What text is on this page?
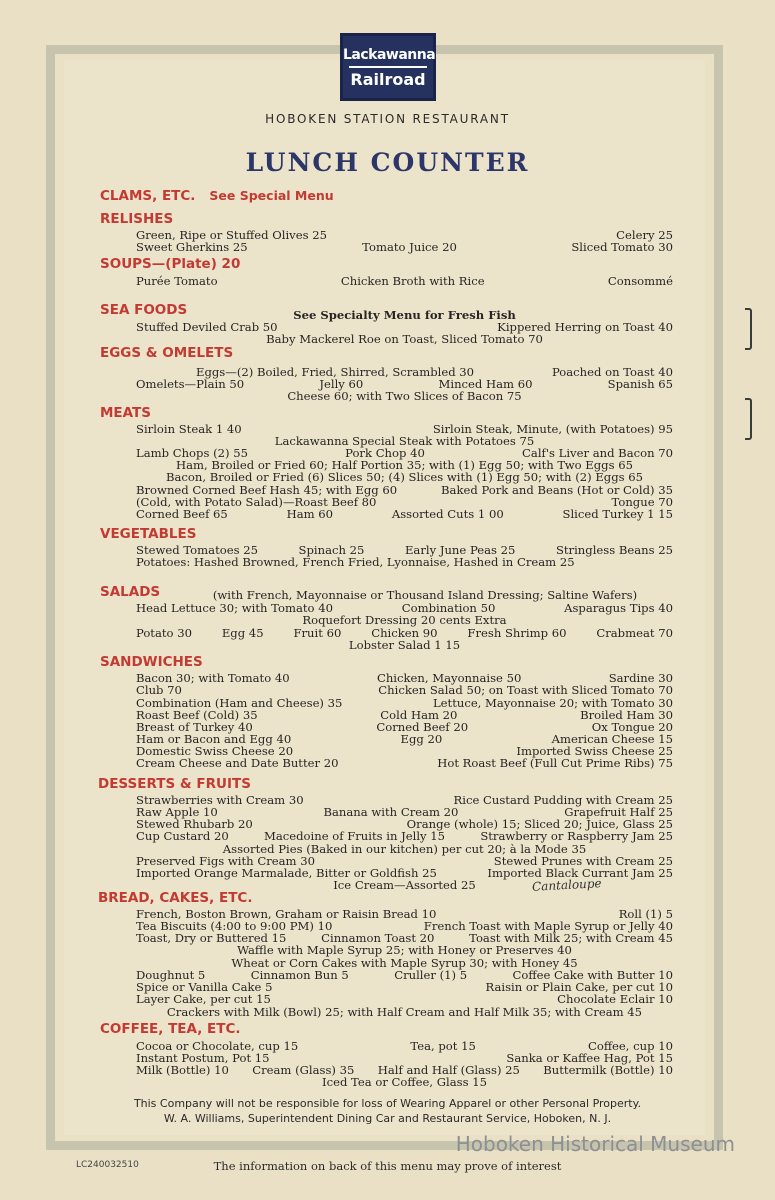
Lackawanna
Railroad
HOBOKEN STATION RESTAURANT
LUNCH COUNTER
CLAMS, ETC. See Special Menu
RELISHES
Green, Ripe or Stuffed Olives 25	Celery 25
Sweet Gherkins 25	Tomato Juice 20	Sliced Tomato 30
SOUPS—(Plate) 20
Purée Tomato	Chicken Broth with Rice	Consommé
SEA FOODS	See Specialty Menu for Fresh Fish
Stuffed Deviled Crab 50	Kippered Herring on Toast 40
Baby Mackerel Roe on Toast, Sliced Tomato 70
EGGS & OMELETS
Eggs—(2) Boiled, Fried, Shirred, Scrambled 30	Poached on Toast 40
Omelets—Plain 50	Jelly 60	Minced Ham 60	Spanish 65
Cheese 60; with Two Slices of Bacon 75
MEATS
Sirloin Steak 1 40	Sirloin Steak, Minute, (with Potatoes) 95
Lackawanna Special Steak with Potatoes 75
Lamb Chops (2) 55	Pork Chop 40	Calf's Liver and Bacon 70
Ham, Broiled or Fried 60; Half Portion 35; with (1) Egg 50; with Two Eggs 65
Bacon, Broiled or Fried (6) Slices 50; (4) Slices with (1) Egg 50; with (2) Eggs 65
Browned Corned Beef Hash 45; with Egg 60	Baked Pork and Beans (Hot or Cold) 35
(Cold, with Potato Salad)—Roast Beef 80	Tongue 70
Corned Beef 65	Ham 60	Assorted Cuts 1 00	Sliced Turkey 1 15
VEGETABLES
Stewed Tomatoes 25	Spinach 25	Early June Peas 25	Stringless Beans 25
Potatoes: Hashed Browned, French Fried, Lyonnaise, Hashed in Cream 25
SALADS	(with French, Mayonnaise or Thousand Island Dressing; Saltine Wafers)
Head Lettuce 30; with Tomato 40	Combination 50	Asparagus Tips 40
Roquefort Dressing 20 cents Extra
Potato 30	Egg 45	Fruit 60	Chicken 90	Fresh Shrimp 60	Crabmeat 70
Lobster Salad 1 15
SANDWICHES
Bacon 30; with Tomato 40	Chicken, Mayonnaise 50	Sardine 30
Club 70	Chicken Salad 50; on Toast with Sliced Tomato 70
Combination (Ham and Cheese) 35	Lettuce, Mayonnaise 20; with Tomato 30
Roast Beef (Cold) 35	Cold Ham 20	Broiled Ham 30
Breast of Turkey 40	Corned Beef 20	Ox Tongue 20
Ham or Bacon and Egg 40	Egg 20	American Cheese 15
Domestic Swiss Cheese 20	Imported Swiss Cheese 25
Cream Cheese and Date Butter 20	Hot Roast Beef (Full Cut Prime Ribs) 75
DESSERTS & FRUITS
Strawberries with Cream 30	Rice Custard Pudding with Cream 25
Raw Apple 10	Banana with Cream 20	Grapefruit Half 25
Stewed Rhubarb 20	Orange (whole) 15; Sliced 20; Juice, Glass 25
Cup Custard 20	Macedoine of Fruits in Jelly 15	Strawberry or Raspberry Jam 25
Assorted Pies (Baked in our kitchen) per cut 20; à la Mode 35
Preserved Figs with Cream 30	Stewed Prunes with Cream 25
Imported Orange Marmalade, Bitter or Goldfish 25	Imported Black Currant Jam 25
Ice Cream—Assorted 25	Cantaloupe
BREAD, CAKES, ETC.
French, Boston Brown, Graham or Raisin Bread 10	Roll (1) 5
Tea Biscuits (4:00 to 9:00 PM) 10	French Toast with Maple Syrup or Jelly 40
Toast, Dry or Buttered 15	Cinnamon Toast 20	Toast with Milk 25; with Cream 45
Waffle with Maple Syrup 25; with Honey or Preserves 40
Wheat or Corn Cakes with Maple Syrup 30; with Honey 45
Doughnut 5	Cinnamon Bun 5	Cruller (1) 5	Coffee Cake with Butter 10
Spice or Vanilla Cake 5	Raisin or Plain Cake, per cut 10
Layer Cake, per cut 15	Chocolate Eclair 10
Crackers with Milk (Bowl) 25; with Half Cream and Half Milk 35; with Cream 45
COFFEE, TEA, ETC.
Cocoa or Chocolate, cup 15	Tea, pot 15	Coffee, cup 10
Instant Postum, Pot 15	Sanka or Kaffee Hag, Pot 15
Milk (Bottle) 10 Cream (Glass) 35 Half and Half (Glass) 25 Buttermilk (Bottle) 10
Iced Tea or Coffee, Glass 15
This Company will not be responsible for loss of Wearing Apparel or other Personal Property.
W. A. Williams, Superintendent Dining Car and Restaurant Service, Hoboken, N. J.
Hoboken Historical Museum
LC240032510	The information on back of this menu may prove of interest
